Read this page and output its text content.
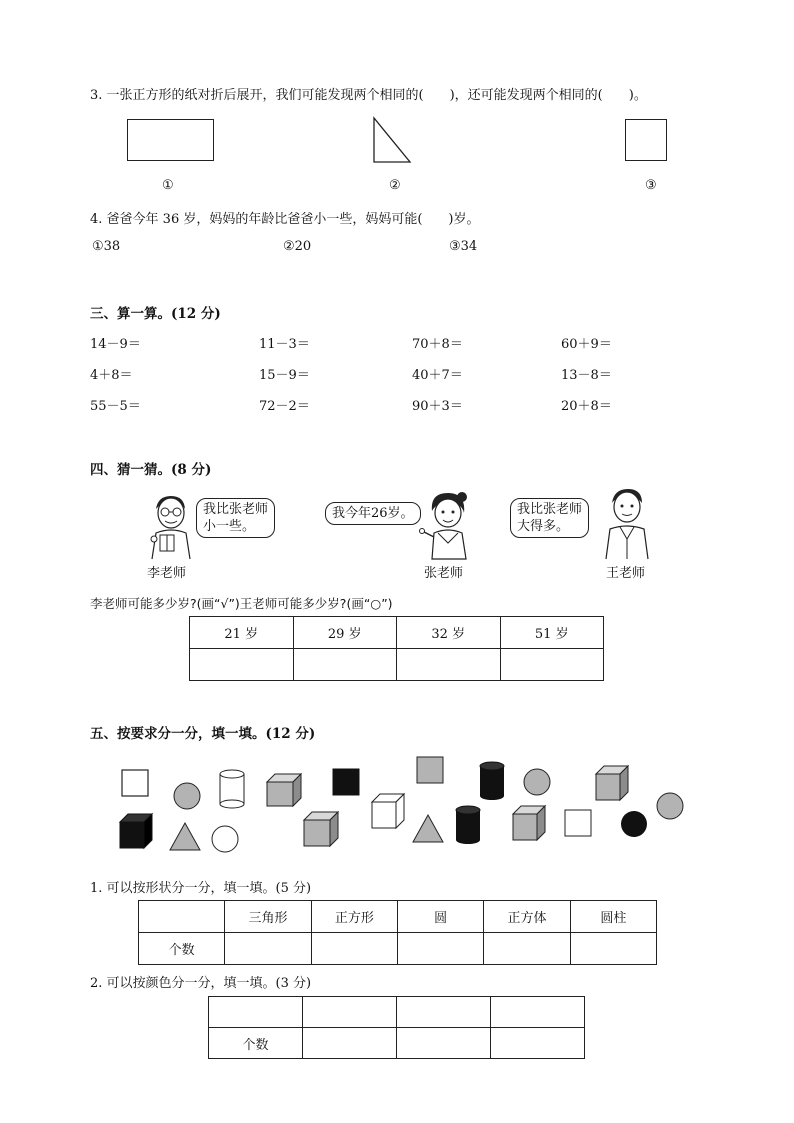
3. 一张正方形的纸对折后展开，我们可能发现两个相同的(　　)，还可能发现两个相同的(　　)。
①	②	③
4. 爸爸今年 36 岁，妈妈的年龄比爸爸小一些，妈妈可能(　　)岁。
①38	②20	③34
三、算一算。(12 分)
14－9＝	11－3＝	70＋8＝	60＋9＝
4＋8＝	15－9＝	40＋7＝	13－8＝
55－5＝	72－2＝	90＋3＝	20＋8＝
四、猜一猜。(8 分)
我比张老师
小一些。
我今年26岁。	我比张老师
大得多。
李老师	张老师	王老师
李老师可能多少岁?(画“√”)王老师可能多少岁?(画“○”)
21 岁	29 岁	32 岁	51 岁

五、按要求分一分，填一填。(12 分)
1. 可以按形状分一分，填一填。(5 分)
	三角形	正方形	圆	正方体	圆柱
个数					
2. 可以按颜色分一分，填一填。(3 分)

个数			
